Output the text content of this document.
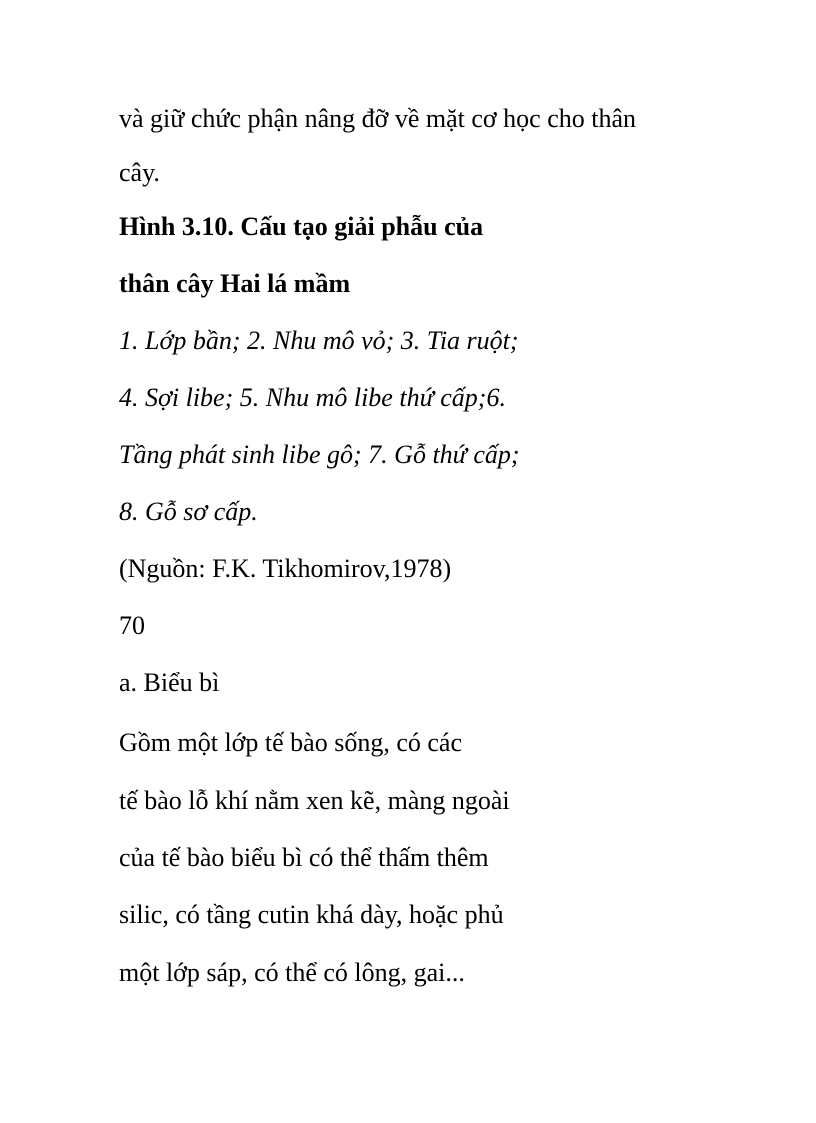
và giữ chức phận nâng đỡ về mặt cơ học cho thân

cây.

Hình 3.10. Cấu tạo giải phẫu của

thân cây Hai lá mầm

1. Lớp bần; 2. Nhu mô vỏ; 3. Tia ruột;

4. Sợi libe; 5. Nhu mô libe thứ cấp;6.

Tầng phát sinh libe gô; 7. Gỗ thứ cấp;

8. Gỗ sơ cấp.

(Nguồn: F.K. Tikhomirov,1978)

70

a. Biểu bì

Gồm một lớp tế bào sống, có các

tế bào lỗ khí nằm xen kẽ, màng ngoài

của tế bào biểu bì có thể thấm thêm

silic, có tầng cutin khá dày, hoặc phủ

một lớp sáp, có thể có lông, gai...
